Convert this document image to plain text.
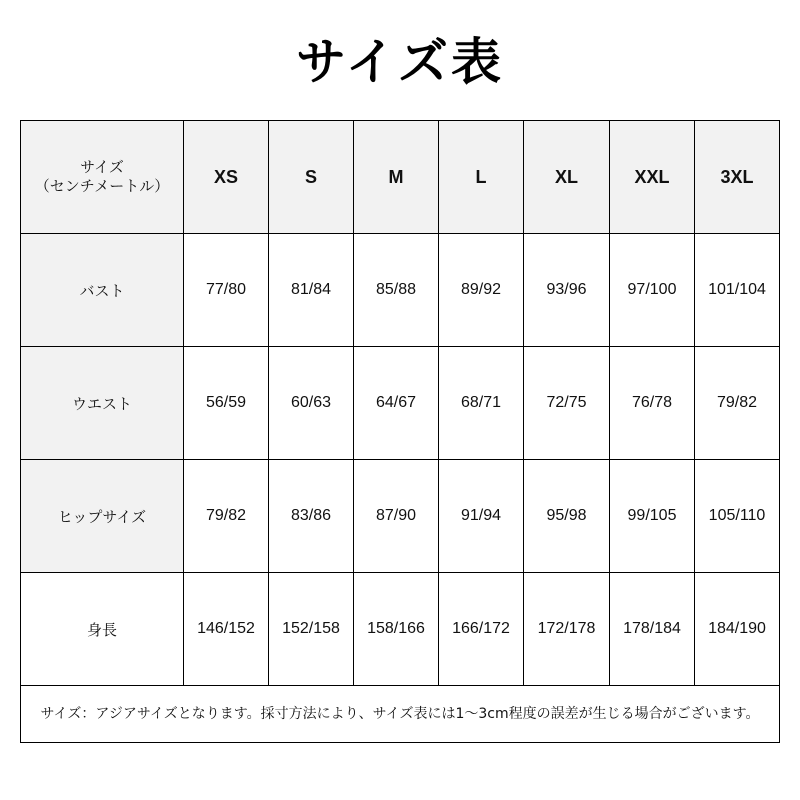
サイズ表
サイズ
（センチメートル）	XS	S	M	L	XL	XXL	3XL
バスト	77/80	81/84	85/88	89/92	93/96	97/100	101/104
ウエスト	56/59	60/63	64/67	68/71	72/75	76/78	79/82
ヒップサイズ	79/82	83/86	87/90	91/94	95/98	99/105	105/110
身長	146/152	152/158	158/166	166/172	172/178	178/184	184/190
サイズ：アジアサイズとなります。採寸方法により、サイズ表には1～3cm程度の誤差が生じる場合がございます。							
